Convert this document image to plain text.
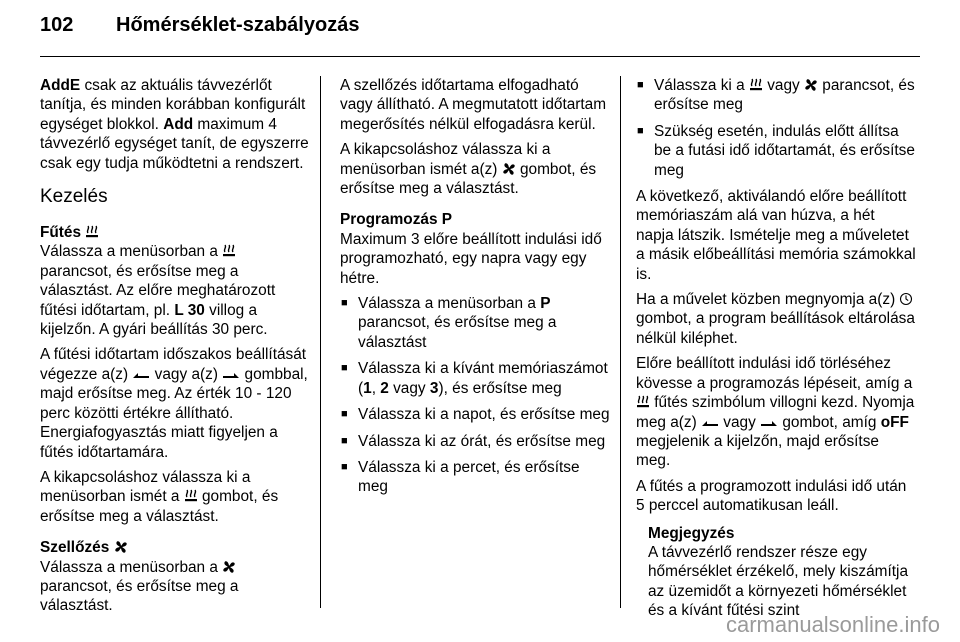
102	Hőmérséklet-szabályozás

AddE csak az aktuális távvezérlőt tanítja, és minden korábban konfigurált egységet blokkol. Add maximum 4 távvezérlő egységet tanít, de egyszerre csak egy tudja működtetni a rendszert.

Kezelés
Fűtés

Válassza a menüsorban a  parancsot, és erősítse meg a választást. Az előre meghatározott fűtési időtartam, pl. L 30 villog a kijelzőn. A gyári beállítás 30 perc.

A fűtési időtartam időszakos beállítását végezze a(z)  vagy a(z)  gombbal, majd erősítse meg. Az érték 10 - 120 perc közötti értékre állítható. Energiafogyasztás miatt figyeljen a fűtés időtartamára.

A kikapcsoláshoz válassza ki a menüsorban ismét a  gombot, és erősítse meg a választást.

Szellőzés

Válassza a menüsorban a  parancsot, és erősítse meg a választást.

A szellőzés időtartama elfogadható vagy állítható. A megmutatott időtartam megerősítés nélkül elfogadásra kerül.

A kikapcsoláshoz válassza ki a menüsorban ismét a(z)  gombot, és erősítse meg a választást.

Programozás P

Maximum 3 előre beállított indulási idő programozható, egy napra vagy egy hétre.

■ Válassza a menüsorban a P parancsot, és erősítse meg a választást
■ Válassza ki a kívánt memóriaszámot (1, 2 vagy 3), és erősítse meg
■ Válassza ki a napot, és erősítse meg
■ Válassza ki az órát, és erősítse meg
■ Válassza ki a percet, és erősítse meg
■ Válassza ki a  vagy  parancsot, és erősítse meg
■ Szükség esetén, indulás előtt állítsa be a futási idő időtartamát, és erősítse meg

A következő, aktiválandó előre beállított memóriaszám alá van húzva, a hét napja látszik. Ismételje meg a műveletet a másik előbeállítási memória számokkal is.

Ha a művelet közben megnyomja a(z)  gombot, a program beállítások eltárolása nélkül kiléphet.

Előre beállított indulási idő törléséhez kövesse a programozás lépéseit, amíg a  fűtés szimbólum villogni kezd. Nyomja meg a(z)  vagy  gombot, amíg oFF megjelenik a kijelzőn, majd erősítse meg.

A fűtés a programozott indulási idő után 5 perccel automatikusan leáll.

Megjegyzés
A távvezérlő rendszer része egy hőmérséklet érzékelő, mely kiszámítja az üzemidőt a környezeti hőmérséklet és a kívánt fűtési szint
carmanualsonline.info
